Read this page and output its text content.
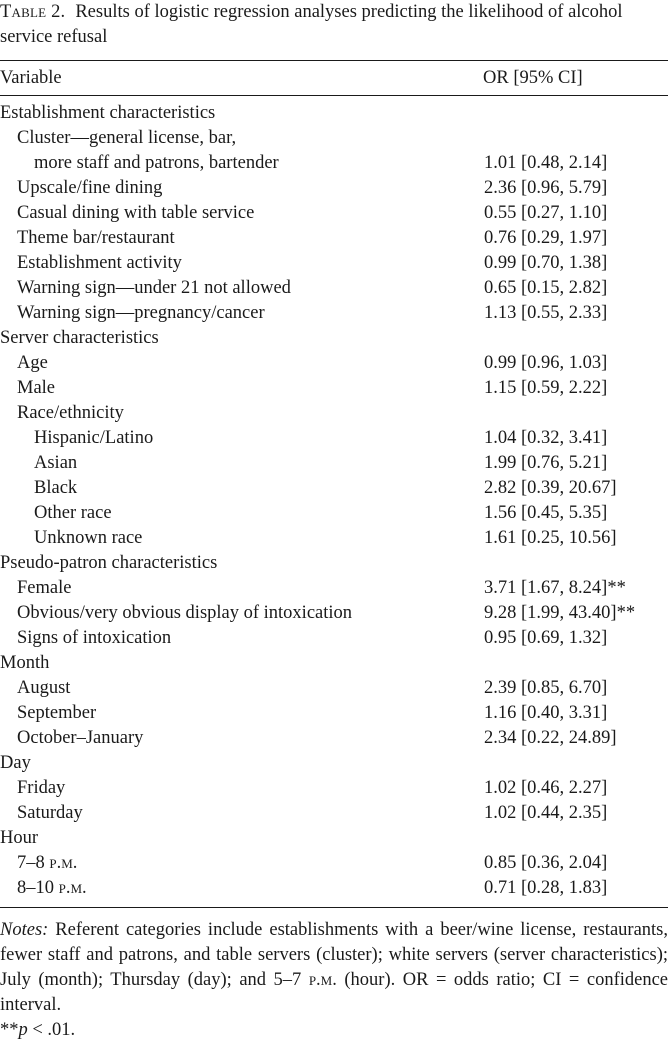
Table 2. Results of logistic regression analyses predicting the likelihood of alcohol service refusal

Variable	OR [95% CI]
Establishment characteristics
Cluster—general license, bar,
more staff and patrons, bartender	1.01 [0.48, 2.14]
Upscale/fine dining	2.36 [0.96, 5.79]
Casual dining with table service	0.55 [0.27, 1.10]
Theme bar/restaurant	0.76 [0.29, 1.97]
Establishment activity	0.99 [0.70, 1.38]
Warning sign—under 21 not allowed	0.65 [0.15, 2.82]
Warning sign—pregnancy/cancer	1.13 [0.55, 2.33]
Server characteristics
Age	0.99 [0.96, 1.03]
Male	1.15 [0.59, 2.22]
Race/ethnicity
Hispanic/Latino	1.04 [0.32, 3.41]
Asian	1.99 [0.76, 5.21]
Black	2.82 [0.39, 20.67]
Other race	1.56 [0.45, 5.35]
Unknown race	1.61 [0.25, 10.56]
Pseudo-patron characteristics
Female	3.71 [1.67, 8.24]**
Obvious/very obvious display of intoxication	9.28 [1.99, 43.40]**
Signs of intoxication	0.95 [0.69, 1.32]
Month
August	2.39 [0.85, 6.70]
September	1.16 [0.40, 3.31]
October–January	2.34 [0.22, 24.89]
Day
Friday	1.02 [0.46, 2.27]
Saturday	1.02 [0.44, 2.35]
Hour
7–8 p.m.	0.85 [0.36, 2.04]
8–10 p.m.	0.71 [0.28, 1.83]
Notes: Referent categories include establishments with a beer/wine license, restaurants, fewer staff and patrons, and table servers (cluster); white servers (server characteristics); July (month); Thursday (day); and 5–7 p.m. (hour). OR = odds ratio; CI = confidence interval.
**p < .01.
